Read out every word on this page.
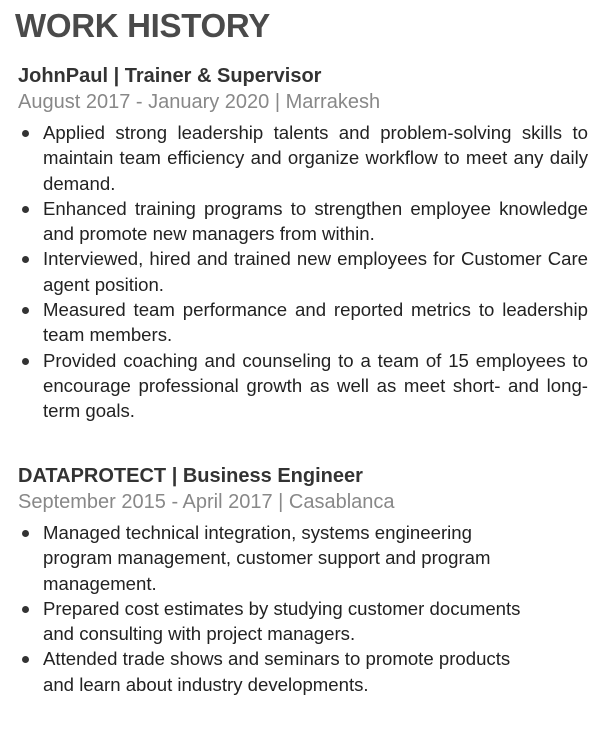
WORK HISTORY
JohnPaul | Trainer & Supervisor
August 2017 - January 2020 | Marrakesh
Applied strong leadership talents and problem-solving skills to maintain team efficiency and organize workflow to meet any daily demand.
Enhanced training programs to strengthen employee knowledge and promote new managers from within.
Interviewed, hired and trained new employees for Customer Care agent position.
Measured team performance and reported metrics to leadership team members.
Provided coaching and counseling to a team of 15 employees to encourage professional growth as well as meet short- and long-term goals.
DATAPROTECT | Business Engineer
September 2015 - April 2017 | Casablanca
Managed technical integration, systems engineering program management, customer support and program management.
Prepared cost estimates by studying customer documents and consulting with project managers.
Attended trade shows and seminars to promote products and learn about industry developments.
